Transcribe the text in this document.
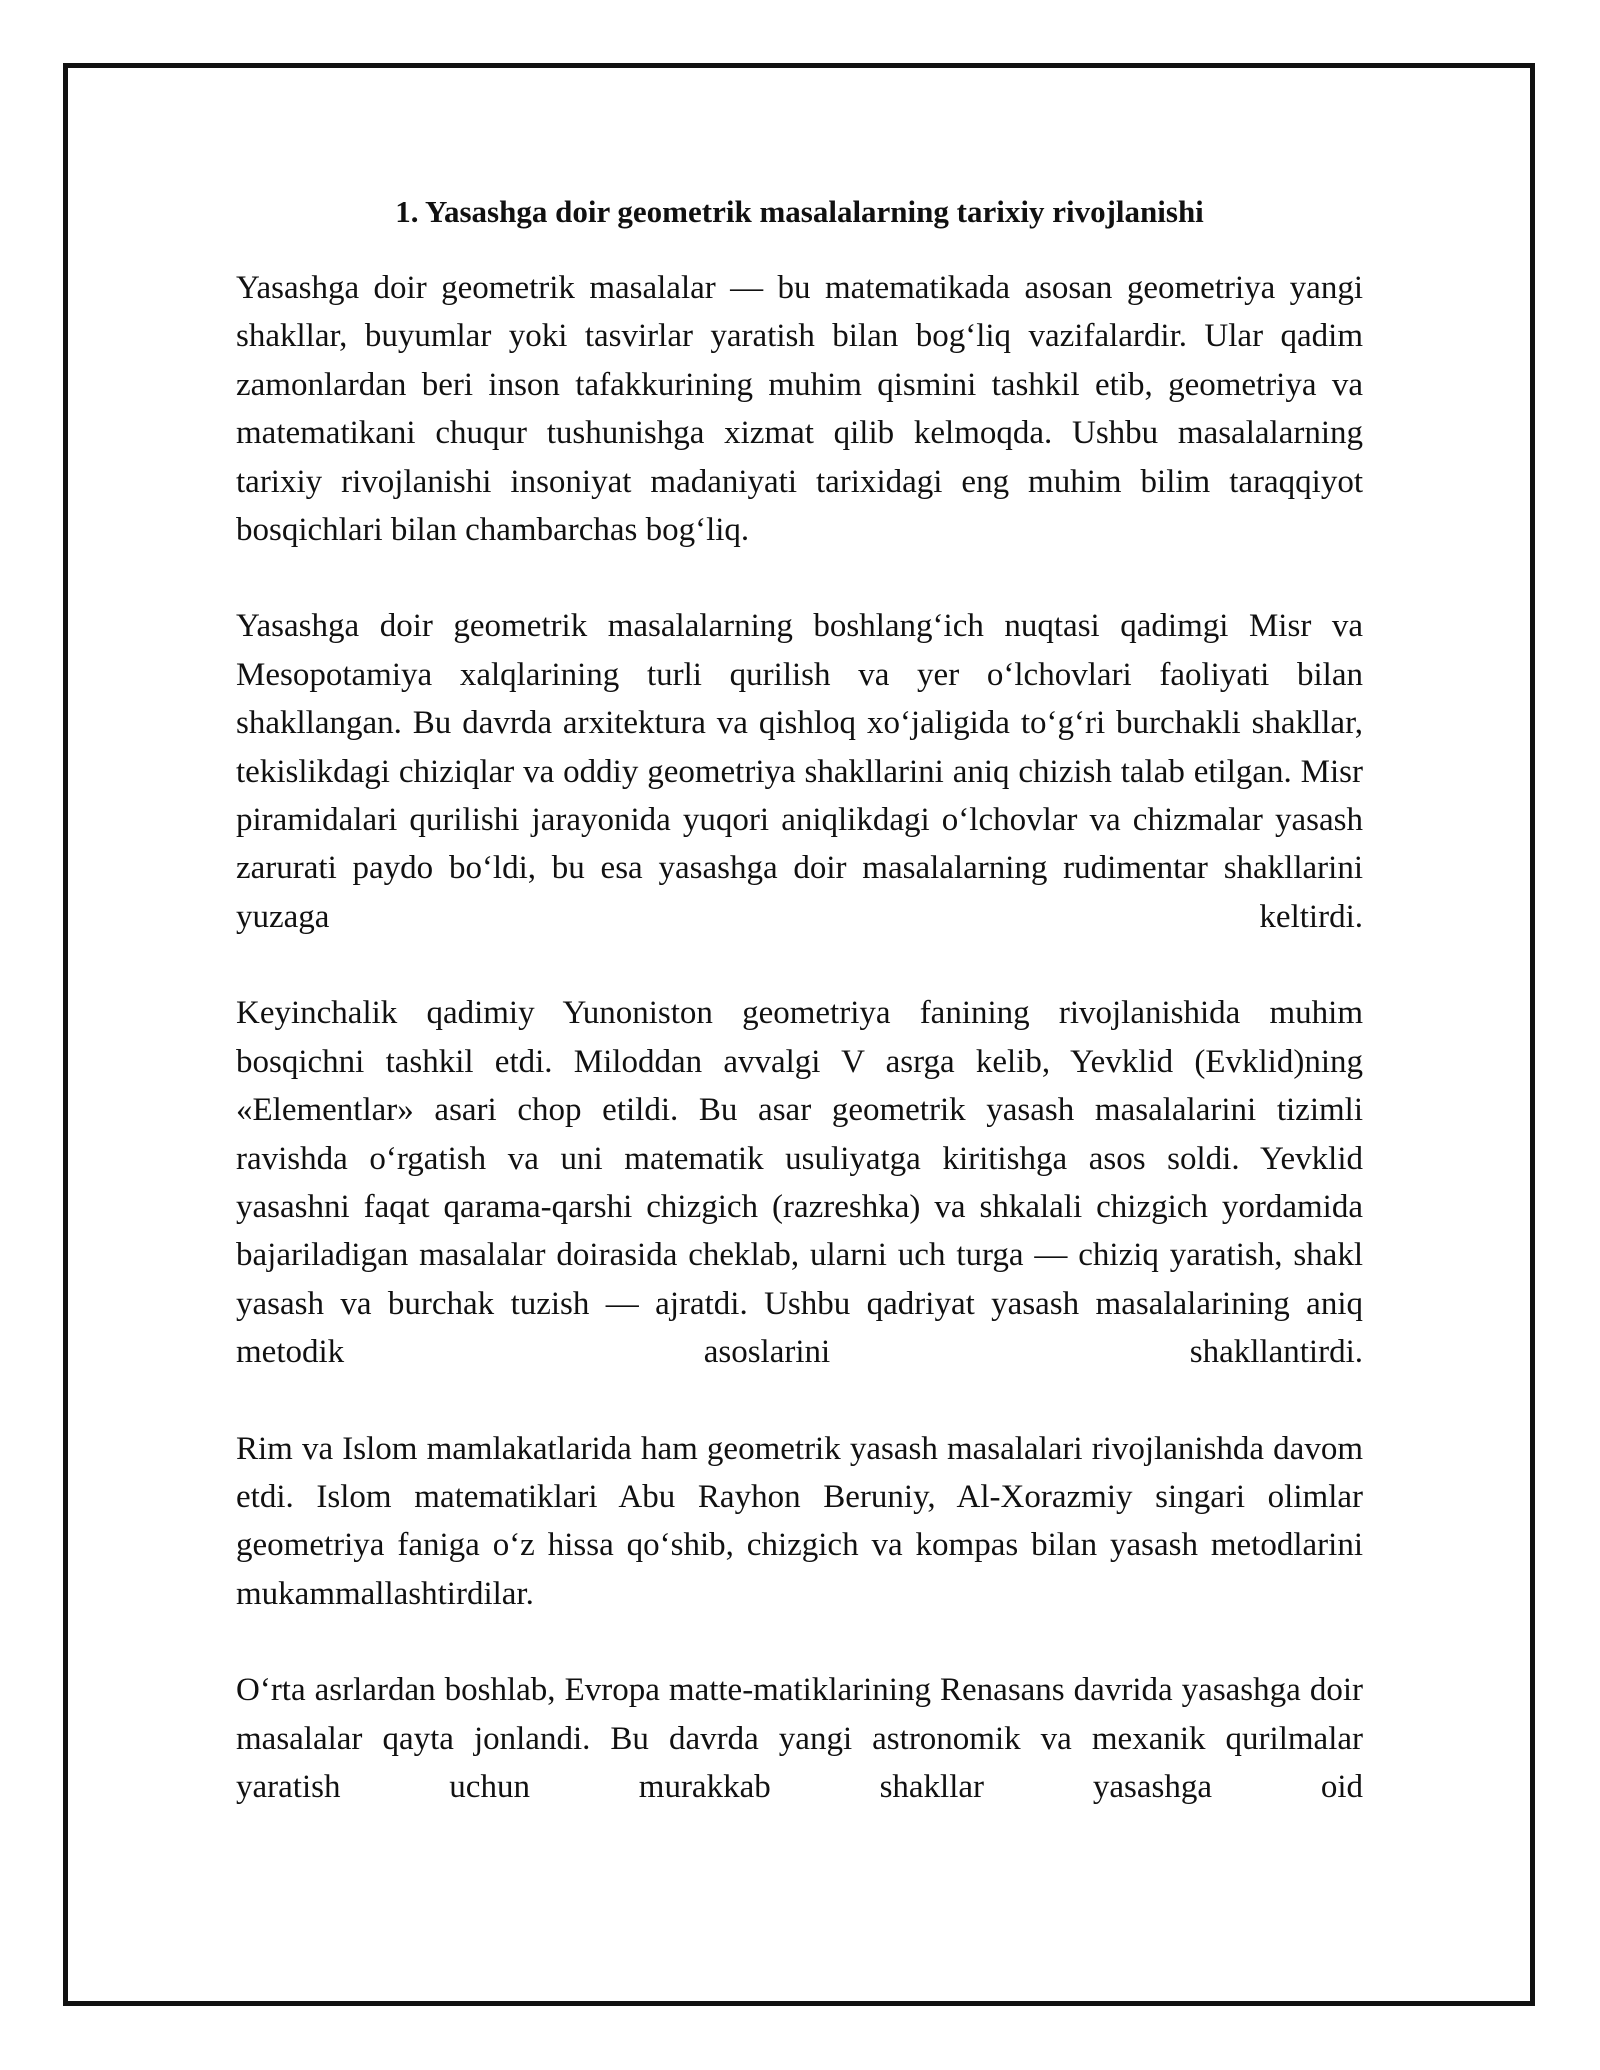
1. Yasashga doir geometrik masalalarning tarixiy rivojlanishi

Yasashga doir geometrik masalalar — bu matematikada asosan geometriya yangi shakllar, buyumlar yoki tasvirlar yaratish bilan bog‘liq vazifalardir. Ular qadim zamonlardan beri inson tafakkurining muhim qismini tashkil etib, geometriya va matematikani chuqur tushunishga xizmat qilib kelmoqda. Ushbu masalalarning tarixiy rivojlanishi insoniyat madaniyati tarixidagi eng muhim bilim taraqqiyot bosqichlari bilan chambarchas bog‘liq.

Yasashga doir geometrik masalalarning boshlang‘ich nuqtasi qadimgi Misr va Mesopotamiya xalqlarining turli qurilish va yer o‘lchovlari faoliyati bilan shakllangan. Bu davrda arxitektura va qishloq xo‘jaligida to‘g‘ri burchakli shakllar, tekislikdagi chiziqlar va oddiy geometriya shakllarini aniq chizish talab etilgan. Misr piramidalari qurilishi jarayonida yuqori aniqlikdagi o‘lchovlar va chizmalar yasash zarurati paydo bo‘ldi, bu esa yasashga doir masalalarning rudimentar shakllarini yuzaga keltirdi.

Keyinchalik qadimiy Yunoniston geometriya fanining rivojlanishida muhim bosqichni tashkil etdi. Miloddan avvalgi V asrga kelib, Yevklid (Evklid)ning «Elementlar» asari chop etildi. Bu asar geometrik yasash masalalarini tizimli ravishda o‘rgatish va uni matematik usuliyatga kiritishga asos soldi. Yevklid yasashni faqat qarama-qarshi chizgich (razreshka) va shkalali chizgich yordamida bajariladigan masalalar doirasida cheklab, ularni uch turga — chiziq yaratish, shakl yasash va burchak tuzish — ajratdi. Ushbu qadriyat yasash masalalarining aniq metodik asoslarini shakllantirdi.

Rim va Islom mamlakatlarida ham geometrik yasash masalalari rivojlanishda davom etdi. Islom matematiklari Abu Rayhon Beruniy, Al-Xorazmiy singari olimlar geometriya faniga o‘z hissa qo‘shib, chizgich va kompas bilan yasash metodlarini mukammallashtirdilar.

O‘rta asrlardan boshlab, Evropa matte-matiklarining Renasans davrida yasashga doir masalalar qayta jonlandi. Bu davrda yangi astronomik va mexanik qurilmalar yaratish uchun murakkab shakllar yasashga oid
